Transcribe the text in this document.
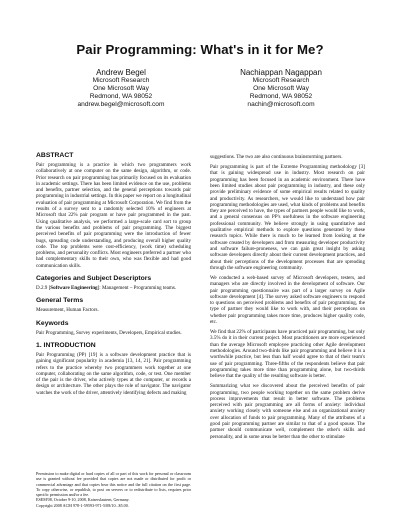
Pair Programming: What's in it for Me?
Andrew Begel
Microsoft Research
One Microsoft Way
Redmond, WA 98052
andrew.begel@microsoft.com
Nachiappan Nagappan
Microsoft Research
One Microsoft Way
Redmond, WA 98052
nachin@microsoft.com
ABSTRACT

Pair programming is a practice in which two programmers work collaboratively at one computer on the same design, algorithm, or code. Prior research on pair programming has primarily focused on its evaluation in academic settings. There has been limited evidence on the use, problems and benefits, partner selection, and the general perceptions towards pair programming in industrial settings. In this paper we report on a longitudinal evaluation of pair programming at Microsoft Corporation. We find from the results of a survey sent to a randomly selected 10% of engineers at Microsoft that 22% pair program or have pair programmed in the past. Using qualitative analysis, we performed a large-scale card sort to group the various benefits and problems of pair programming. The biggest perceived benefits of pair programming were the introduction of fewer bugs, spreading code understanding, and producing overall higher quality code. The top problems were cost-efficiency, (work time) scheduling problems, and personality conflicts. Most engineers preferred a partner who had complementary skills to their own, who was flexible and had good communication skills.

Categories and Subject Descriptors

D.2.9 [Software Engineering]: Management – Programming teams.

General Terms

Measurement, Human Factors.

Keywords

Pair Programming, Survey experiments, Developers, Empirical studies.

1. INTRODUCTION

Pair Programming (PP) [19] is a software development practice that is gaining significant popularity in academia [13, 14, 21]. Pair programming refers to the practice whereby two programmers work together at one computer, collaborating on the same algorithm, code, or test. One member of the pair is the driver, who actively types at the computer, or records a design or architecture. The other plays the role of navigator. The navigator watches the work of the driver, attentively identifying defects and making

Permission to make digital or hard copies of all or part of this work for personal or classroom use is granted without fee provided that copies are not made or distributed for profit or commercial advantage and that copies bear this notice and the full citation on the first page. To copy otherwise, or republish, to post on servers or to redistribute to lists, requires prior specific permission and/or a fee.

ESEM'08, October 9-10, 2008, Kaiserslautern, Germany.

Copyright 2008 ACM 978-1-59593-971-5/08/10...$5.00.

suggestions. The two are also continuous brainstorming partners.

Pair programming is part of the Extreme Programming methodology [3] that is gaining widespread use in industry. Most research on pair programming has been focused in an academic environment. There have been limited studies about pair programming in industry, and these only provide preliminary evidence of some empirical results related to quality and productivity. As researchers, we would like to understand how pair programming methodologies are used, what kinds of problems and benefits they are perceived to have, the types of partners people would like to work, and a general consensus on PP's usefulness in the software engineering professional community. We believe strongly in using quantitative and qualitative empirical methods to explore questions generated by these research topics. While there is much to be learned from looking at the software created by developers and from measuring developer productivity and software failure-proneness, we can gain great insight by asking software developers directly about their current development practices, and about their perceptions of the development processes that are spreading through the software engineering community.

We conducted a web-based survey of Microsoft developers, testers, and managers who are directly involved in the development of software. Our pair programming questionnaire was part of a larger survey on Agile software development [4]. The survey asked software engineers to respond to questions on perceived problems and benefits of pair programming, the type of partner they would like to work with, and their perceptions on whether pair programming takes more time, produces higher quality code, etc.

We find that 22% of participants have practiced pair programming, but only 3.5% do it in their current project. Most practitioners are more experienced than the average Microsoft employee practicing other Agile development methodologies. Around two-thirds like pair programming and believe it is a worthwhile practice, but less than half would agree to that of their team's use of pair programming. Three-fifths of the respondents believe that pair programming takes more time than programming alone, but two-thirds believe that the quality of the resulting software is better.

Summarizing what we discovered about the perceived benefits of pair programming, two people working together on the same problem derive process improvements that result in better software. The problems perceived with pair programming are all forms of anxiety: individual anxiety working closely with someone else and an organizational anxiety over allocation of funds to pair programming. Many of the attributes of a good pair programming partner are similar to that of a good spouse. The partner should communicate well, complement the other's skills and personality, and in some areas be better than the other to stimulate
